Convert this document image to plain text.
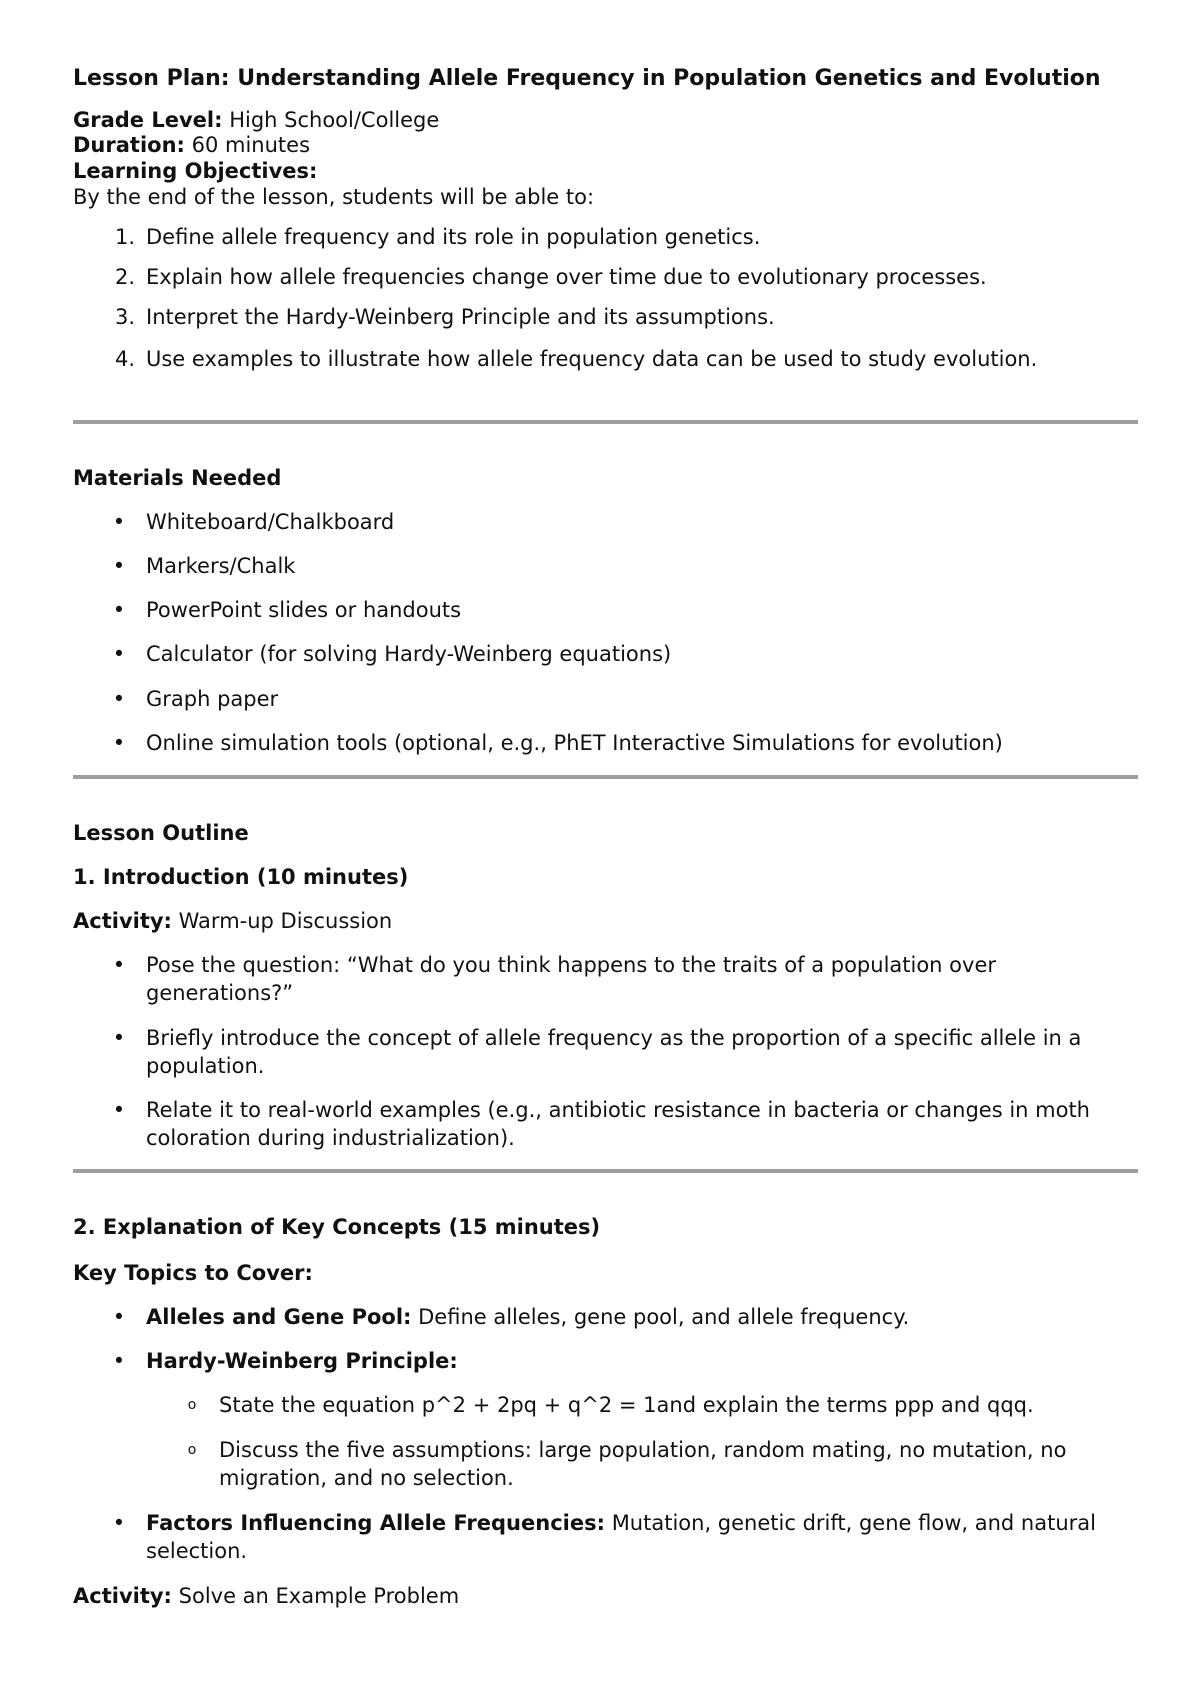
Lesson Plan: Understanding Allele Frequency in Population Genetics and Evolution
Grade Level: High School/College
Duration: 60 minutes
Learning Objectives:
By the end of the lesson, students will be able to:
1. Define allele frequency and its role in population genetics.
2. Explain how allele frequencies change over time due to evolutionary processes.
3. Interpret the Hardy-Weinberg Principle and its assumptions.
4. Use examples to illustrate how allele frequency data can be used to study evolution.
Materials Needed
• Whiteboard/Chalkboard
• Markers/Chalk
• PowerPoint slides or handouts
• Calculator (for solving Hardy-Weinberg equations)
• Graph paper
• Online simulation tools (optional, e.g., PhET Interactive Simulations for evolution)
Lesson Outline
1. Introduction (10 minutes)
Activity: Warm-up Discussion
• Pose the question: “What do you think happens to the traits of a population over generations?”
• Briefly introduce the concept of allele frequency as the proportion of a specific allele in a population.
• Relate it to real-world examples (e.g., antibiotic resistance in bacteria or changes in moth coloration during industrialization).
2. Explanation of Key Concepts (15 minutes)
Key Topics to Cover:
• Alleles and Gene Pool: Define alleles, gene pool, and allele frequency.
• Hardy-Weinberg Principle:
o State the equation p^2 + 2pq + q^2 = 1and explain the terms ppp and qqq.
o Discuss the five assumptions: large population, random mating, no mutation, no migration, and no selection.
• Factors Influencing Allele Frequencies: Mutation, genetic drift, gene flow, and natural selection.
Activity: Solve an Example Problem
